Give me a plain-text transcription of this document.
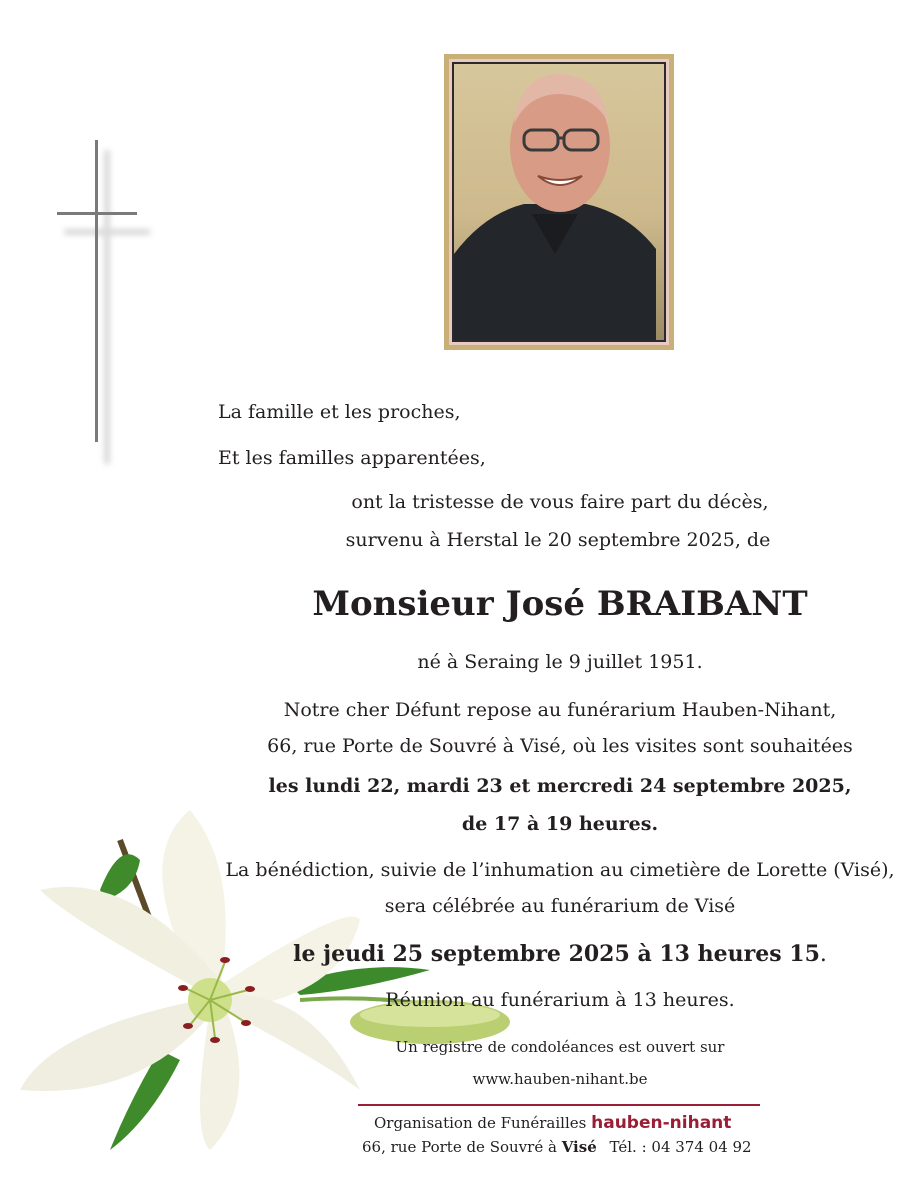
La famille et les proches,
Et les familles apparentées,
ont la tristesse de vous faire part du décès,
survenu à Herstal le 20 septembre 2025, de
Monsieur José BRAIBANT
né à Seraing le 9 juillet 1951.
Notre cher Défunt repose au funérarium Hauben-Nihant,
66, rue Porte de Souvré à Visé, où les visites sont souhaitées
les lundi 22, mardi 23 et mercredi 24 septembre 2025,
de 17 à 19 heures.
La bénédiction, suivie de l’inhumation au cimetière de Lorette (Visé),
sera célébrée au funérarium de Visé
le jeudi 25 septembre 2025 à 13 heures 15.
Réunion au funérarium à 13 heures.
Un registre de condoléances est ouvert sur
www.hauben-nihant.be
Organisation de Funérailles hauben-nihant
66, rue Porte de Souvré à Visé Tél. : 04 374 04 92
